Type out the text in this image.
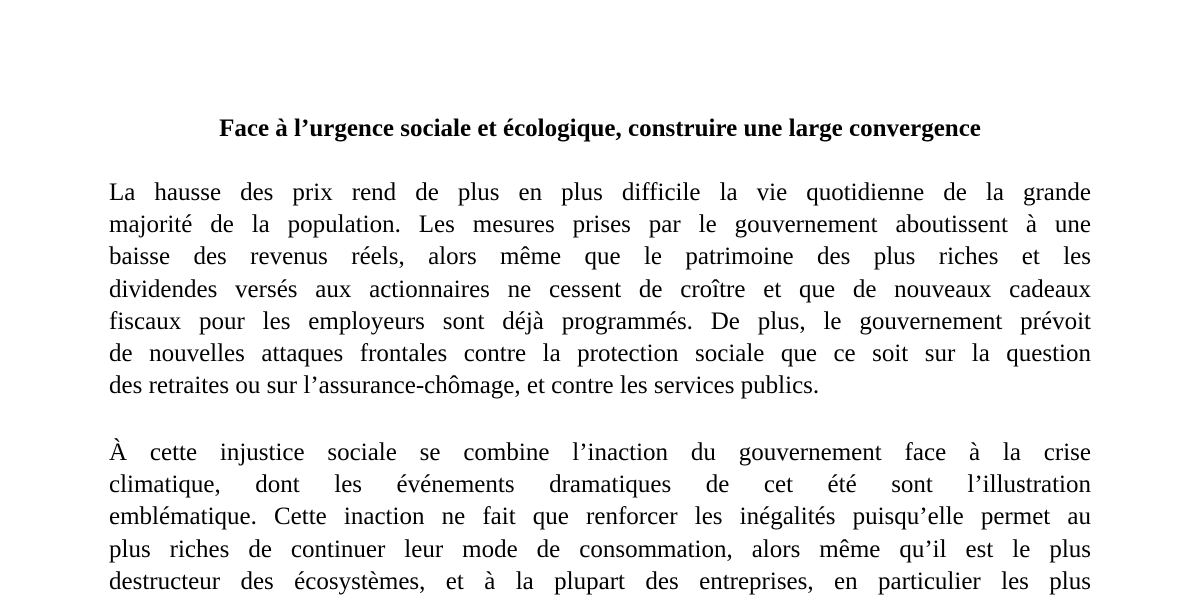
Face à l’urgence sociale et écologique, construire une large convergence
La hausse des prix rend de plus en plus difficile la vie quotidienne de la grande
majorité de la population. Les mesures prises par le gouvernement aboutissent à une
baisse des revenus réels, alors même que le patrimoine des plus riches et les
dividendes versés aux actionnaires ne cessent de croître et que de nouveaux cadeaux
fiscaux pour les employeurs sont déjà programmés. De plus, le gouvernement prévoit
de nouvelles attaques frontales contre la protection sociale que ce soit sur la question
des retraites ou sur l’assurance-chômage, et contre les services publics.
À cette injustice sociale se combine l’inaction du gouvernement face à la crise
climatique, dont les événements dramatiques de cet été sont l’illustration
emblématique. Cette inaction ne fait que renforcer les inégalités puisqu’elle permet au
plus riches de continuer leur mode de consommation, alors même qu’il est le plus
destructeur des écosystèmes, et à la plupart des entreprises, en particulier les plus
